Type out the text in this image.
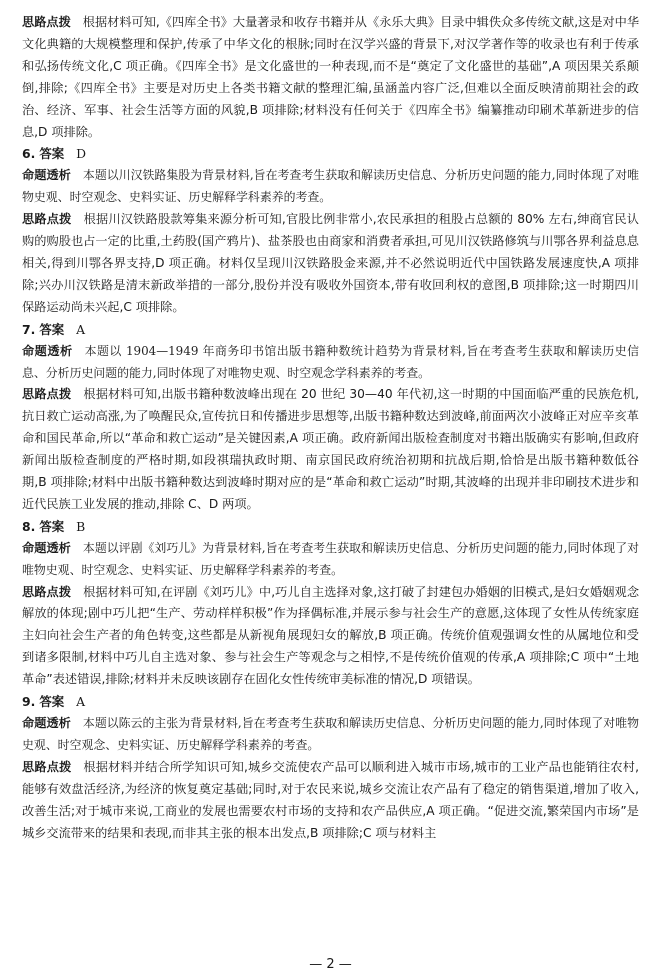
思路点拨 根据材料可知,《四库全书》大量著录和收存书籍并从《永乐大典》目录中辑佚众多传统文献,这是对中华文化典籍的大规模整理和保护,传承了中华文化的根脉;同时在汉学兴盛的背景下,对汉学著作等的收录也有利于传承和弘扬传统文化,C 项正确。《四库全书》是文化盛世的一种表现,而不是“奠定了文化盛世的基础”,A 项因果关系颠倒,排除;《四库全书》主要是对历史上各类书籍文献的整理汇编,虽涵盖内容广泛,但难以全面反映清前期社会的政治、经济、军事、社会生活等方面的风貌,B 项排除;材料没有任何关于《四库全书》编纂推动印刷术革新进步的信息,D 项排除。

6. 答案 D

命题透析 本题以川汉铁路集股为背景材料,旨在考查考生获取和解读历史信息、分析历史问题的能力,同时体现了对唯物史观、时空观念、史料实证、历史解释学科素养的考查。

思路点拨 根据川汉铁路股款筹集来源分析可知,官股比例非常小,农民承担的租股占总额的 80% 左右,绅商官民认购的购股也占一定的比重,土药股(国产鸦片)、盐茶股也由商家和消费者承担,可见川汉铁路修筑与川鄂各界利益息息相关,得到川鄂各界支持,D 项正确。材料仅呈现川汉铁路股金来源,并不必然说明近代中国铁路发展速度快,A 项排除;兴办川汉铁路是清末新政举措的一部分,股份并没有吸收外国资本,带有收回利权的意图,B 项排除;这一时期四川保路运动尚未兴起,C 项排除。

7. 答案 A

命题透析 本题以 1904—1949 年商务印书馆出版书籍种数统计趋势为背景材料,旨在考查考生获取和解读历史信息、分析历史问题的能力,同时体现了对唯物史观、时空观念学科素养的考查。

思路点拨 根据材料可知,出版书籍种数波峰出现在 20 世纪 30—40 年代初,这一时期的中国面临严重的民族危机,抗日救亡运动高涨,为了唤醒民众,宣传抗日和传播进步思想等,出版书籍种数达到波峰,前面两次小波峰正对应辛亥革命和国民革命,所以“革命和救亡运动”是关键因素,A 项正确。政府新闻出版检查制度对书籍出版确实有影响,但政府新闻出版检查制度的严格时期,如段祺瑞执政时期、南京国民政府统治初期和抗战后期,恰恰是出版书籍种数低谷期,B 项排除;材料中出版书籍种数达到波峰时期对应的是“革命和救亡运动”时期,其波峰的出现并非印刷技术进步和近代民族工业发展的推动,排除 C、D 两项。

8. 答案 B

命题透析 本题以评剧《刘巧儿》为背景材料,旨在考查考生获取和解读历史信息、分析历史问题的能力,同时体现了对唯物史观、时空观念、史料实证、历史解释学科素养的考查。

思路点拨 根据材料可知,在评剧《刘巧儿》中,巧儿自主选择对象,这打破了封建包办婚姻的旧模式,是妇女婚姻观念解放的体现;剧中巧儿把“生产、劳动样样积极”作为择偶标准,并展示参与社会生产的意愿,这体现了女性从传统家庭主妇向社会生产者的角色转变,这些都是从新视角展现妇女的解放,B 项正确。传统价值观强调女性的从属地位和受到诸多限制,材料中巧儿自主选对象、参与社会生产等观念与之相悖,不是传统价值观的传承,A 项排除;C 项中“土地革命”表述错误,排除;材料并未反映该剧存在固化女性传统审美标准的情况,D 项错误。

9. 答案 A

命题透析 本题以陈云的主张为背景材料,旨在考查考生获取和解读历史信息、分析历史问题的能力,同时体现了对唯物史观、时空观念、史料实证、历史解释学科素养的考查。

思路点拨 根据材料并结合所学知识可知,城乡交流使农产品可以顺利进入城市市场,城市的工业产品也能销往农村,能够有效盘活经济,为经济的恢复奠定基础;同时,对于农民来说,城乡交流让农产品有了稳定的销售渠道,增加了收入,改善生活;对于城市来说,工商业的发展也需要农村市场的支持和农产品供应,A 项正确。“促进交流,繁荣国内市场”是城乡交流带来的结果和表现,而非其主张的根本出发点,B 项排除;C 项与材料主

— 2 —
